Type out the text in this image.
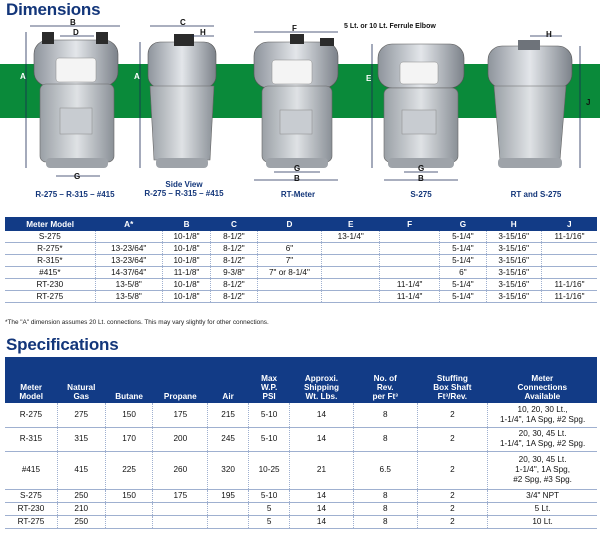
Dimensions
B
D
A
G
C
H
A
F	5 Lt. or 10 Lt. Ferrule Elbow
G
B
E
G
B
H
J
R-275 – R-315 – #415
Side View
R-275 – R-315 – #415	RT-Meter	S-275	RT and S-275
Meter Model	A*	B	C	D	E	F	G	H	J
S-275		10-1/8"	8-1/2"		13-1/4"		5-1/4"	3-15/16"	11-1/16"
R-275*	13-23/64"	10-1/8"	8-1/2"	6"			5-1/4"	3-15/16"	
R-315*	13-23/64"	10-1/8"	8-1/2"	7"			5-1/4"	3-15/16"	
#415*	14-37/64"	11-1/8"	9-3/8"	7" or 8-1/4"			6"	3-15/16"	
RT-230	13-5/8"	10-1/8"	8-1/2"			11-1/4"	5-1/4"	3-15/16"	11-1/16"
RT-275	13-5/8"	10-1/8"	8-1/2"			11-1/4"	5-1/4"	3-15/16"	11-1/16"
*The "A" dimension assumes 20 Lt. connections. This may vary slightly for other connections.
Specifications
Meter
Model	Natural
Gas	Butane	Propane	Air	Max
W.P.
PSI	Approxi.
Shipping
Wt. Lbs.	No. of
Rev.
per Ft³	Stuffing
Box Shaft
Ft³/Rev.	Meter
Connections
Available
R-275	275	150	175	215	5-10	14	8	2	10, 20, 30 Lt.,
1-1/4", 1A Spg, #2 Spg.
R-315	315	170	200	245	5-10	14	8	2	20, 30, 45 Lt.
1-1/4", 1A Spg, #2 Spg.
#415	415	225	260	320	10-25	21	6.5	2	20, 30, 45 Lt.
1-1/4", 1A Spg,
#2 Spg, #3 Spg.
S-275	250	150	175	195	5-10	14	8	2	3/4" NPT
RT-230	210				5	14	8	2	5 Lt.
RT-275	250				5	14	8	2	10 Lt.
